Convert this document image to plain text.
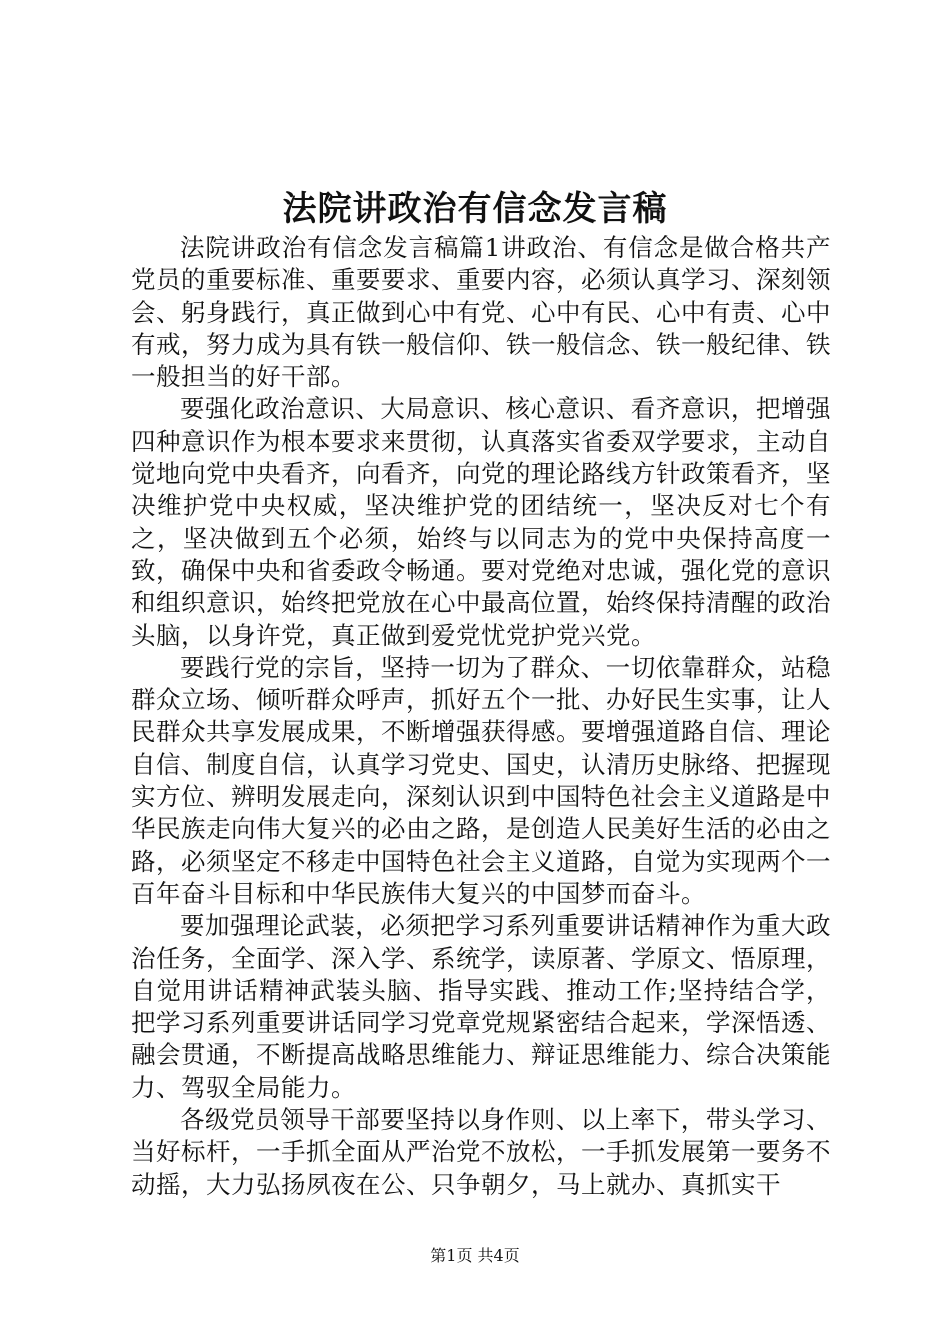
法院讲政治有信念发言稿

法院讲政治有信念发言稿篇1讲政治、有信念是做合格共产党员的重要标准、重要要求、重要内容，必须认真学习、深刻领会、躬身践行，真正做到心中有党、心中有民、心中有责、心中有戒，努力成为具有铁一般信仰、铁一般信念、铁一般纪律、铁一般担当的好干部。

要强化政治意识、大局意识、核心意识、看齐意识，把增强四种意识作为根本要求来贯彻，认真落实省委双学要求，主动自觉地向党中央看齐，向看齐，向党的理论路线方针政策看齐，坚决维护党中央权威，坚决维护党的团结统一，坚决反对七个有之，坚决做到五个必须，始终与以同志为的党中央保持高度一致，确保中央和省委政令畅通。要对党绝对忠诚，强化党的意识和组织意识，始终把党放在心中最高位置，始终保持清醒的政治头脑，以身许党，真正做到爱党忧党护党兴党。

要践行党的宗旨，坚持一切为了群众、一切依靠群众，站稳群众立场、倾听群众呼声，抓好五个一批、办好民生实事，让人民群众共享发展成果，不断增强获得感。要增强道路自信、理论自信、制度自信，认真学习党史、国史，认清历史脉络、把握现实方位、辨明发展走向，深刻认识到中国特色社会主义道路是中华民族走向伟大复兴的必由之路，是创造人民美好生活的必由之路，必须坚定不移走中国特色社会主义道路，自觉为实现两个一百年奋斗目标和中华民族伟大复兴的中国梦而奋斗。

要加强理论武装，必须把学习系列重要讲话精神作为重大政治任务，全面学、深入学、系统学，读原著、学原文、悟原理，自觉用讲话精神武装头脑、指导实践、推动工作;坚持结合学，把学习系列重要讲话同学习党章党规紧密结合起来，学深悟透、融会贯通，不断提高战略思维能力、辩证思维能力、综合决策能力、驾驭全局能力。

各级党员领导干部要坚持以身作则、以上率下，带头学习、当好标杆，一手抓全面从严治党不放松，一手抓发展第一要务不动摇，大力弘扬夙夜在公、只争朝夕，马上就办、真抓实干

第1页 共4页
